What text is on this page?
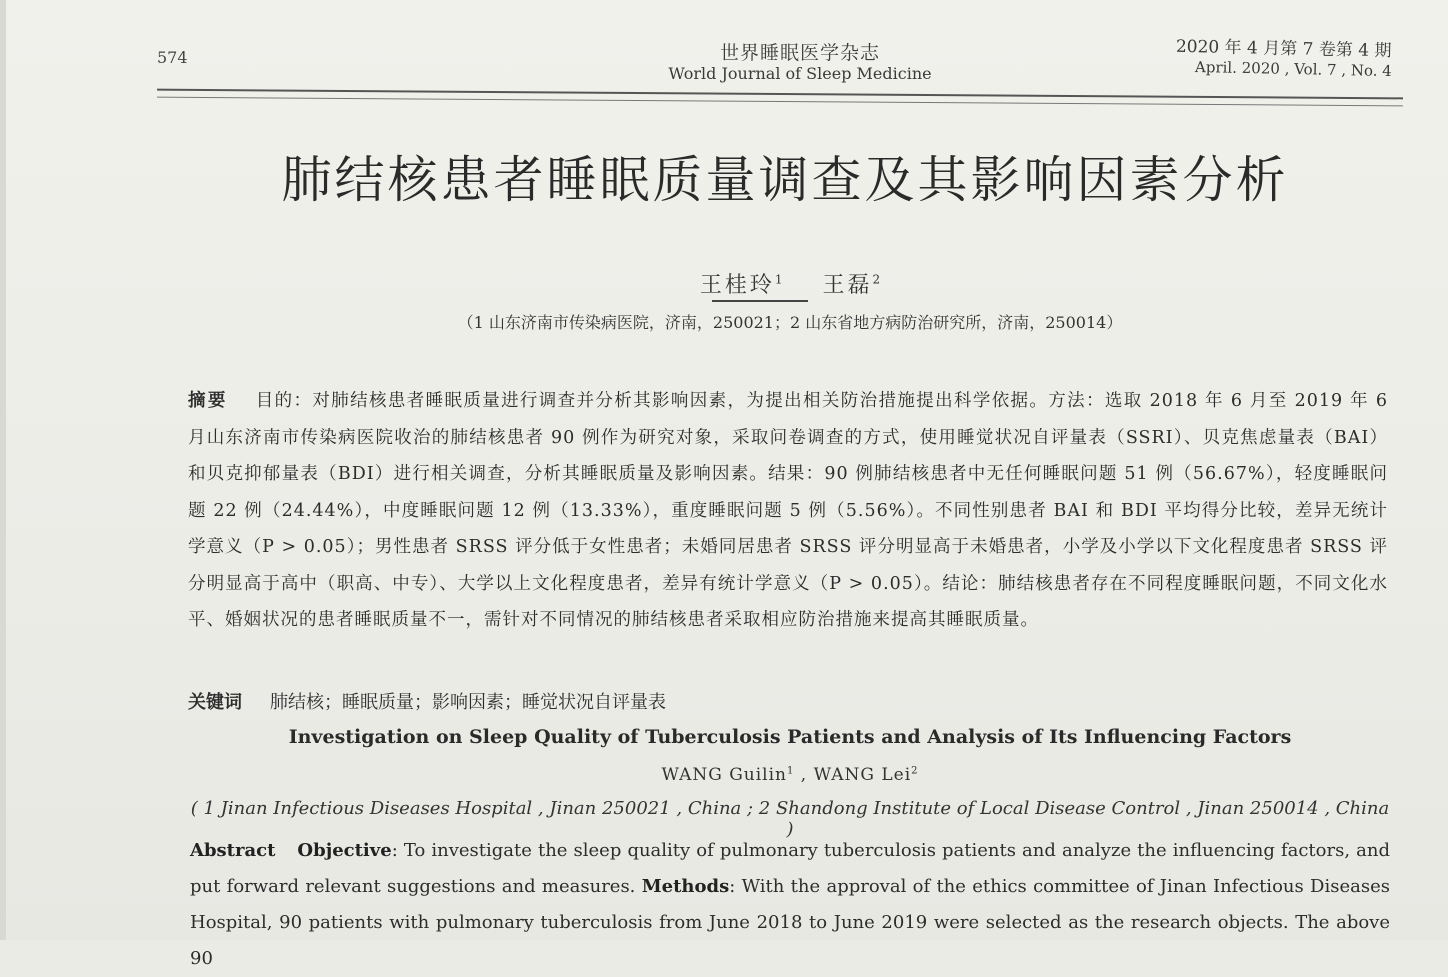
574	世界睡眠医学杂志
World Journal of Sleep Medicine
2020 年 4 月第 7 卷第 4 期
April. 2020 , Vol. 7 , No. 4
肺结核患者睡眠质量调查及其影响因素分析
王桂玲$^1$ 王磊$^2$
（1 山东济南市传染病医院，济南，250021；2 山东省地方病防治研究所，济南，250014）
摘要 目的：对肺结核患者睡眠质量进行调查并分析其影响因素，为提出相关防治措施提出科学依据。方法：选取 2018 年 6 月至 2019 年 6 月山东济南市传染病医院收治的肺结核患者 90 例作为研究对象，采取问卷调查的方式，使用睡觉状况自评量表（SSRI）、贝克焦虑量表（BAI）和贝克抑郁量表（BDI）进行相关调查，分析其睡眠质量及影响因素。结果：90 例肺结核患者中无任何睡眠问题 51 例（56.67%），轻度睡眠问题 22 例（24.44%），中度睡眠问题 12 例（13.33%），重度睡眠问题 5 例（5.56%）。不同性别患者 BAI 和 BDI 平均得分比较，差异无统计学意义（P > 0.05）；男性患者 SRSS 评分低于女性患者；未婚同居患者 SRSS 评分明显高于未婚患者，小学及小学以下文化程度患者 SRSS 评分明显高于高中（职高、中专）、大学以上文化程度患者，差异有统计学意义（P > 0.05）。结论：肺结核患者存在不同程度睡眠问题，不同文化水平、婚姻状况的患者睡眠质量不一，需针对不同情况的肺结核患者采取相应防治措施来提高其睡眠质量。
关键词 肺结核；睡眠质量；影响因素；睡觉状况自评量表
Investigation on Sleep Quality of Tuberculosis Patients and Analysis of Its Influencing Factors
WANG Guilin$^1$ , WANG Lei$^2$
( 1 Jinan Infectious Diseases Hospital , Jinan 250021 , China ; 2 Shandong Institute of Local Disease Control , Jinan 250014 , China )
Abstract Objective: To investigate the sleep quality of pulmonary tuberculosis patients and analyze the influencing factors, and put forward relevant suggestions and measures. Methods: With the approval of the ethics committee of Jinan Infectious Diseases Hospital, 90 patients with pulmonary tuberculosis from June 2018 to June 2019 were selected as the research objects. The above 90
